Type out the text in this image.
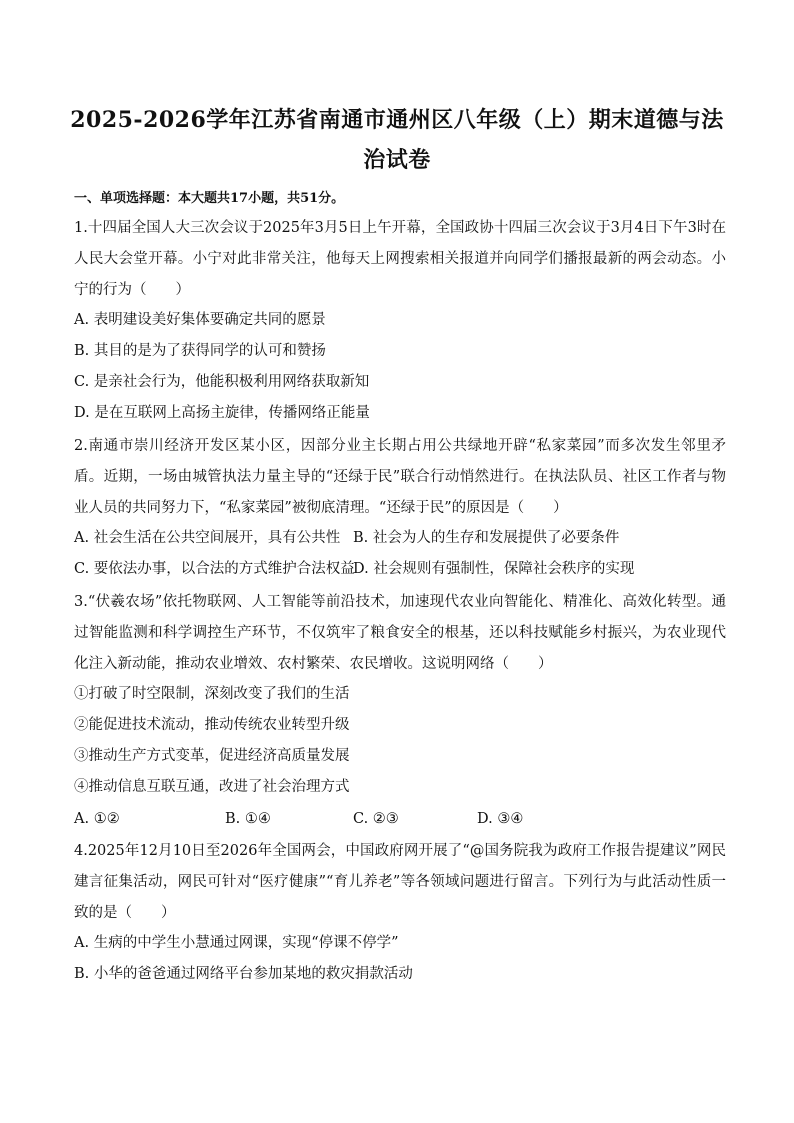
2025-2026学年江苏省南通市通州区八年级（上）期末道德与法治试卷
一、单项选择题：本大题共17小题，共51分。
1.十四届全国人大三次会议于2025年3月5日上午开幕，全国政协十四届三次会议于3月4日下午3时在人民大会堂开幕。小宁对此非常关注，他每天上网搜索相关报道并向同学们播报最新的两会动态。小宁的行为（　　）
A. 表明建设美好集体要确定共同的愿景
B. 其目的是为了获得同学的认可和赞扬
C. 是亲社会行为，他能积极利用网络获取新知
D. 是在互联网上高扬主旋律，传播网络正能量
2.南通市崇川经济开发区某小区，因部分业主长期占用公共绿地开辟“私家菜园”而多次发生邻里矛盾。近期，一场由城管执法力量主导的“还绿于民”联合行动悄然进行。在执法队员、社区工作者与物业人员的共同努力下，“私家菜园”被彻底清理。“还绿于民”的原因是（　　）
A. 社会生活在公共空间展开，具有公共性 B. 社会为人的生存和发展提供了必要条件
C. 要依法办事，以合法的方式维护合法权益
D. 社会规则有强制性，保障社会秩序的实现
3.“伏羲农场”依托物联网、人工智能等前沿技术，加速现代农业向智能化、精准化、高效化转型。通过智能监测和科学调控生产环节，不仅筑牢了粮食安全的根基，还以科技赋能乡村振兴，为农业现代化注入新动能，推动农业增效、农村繁荣、农民增收。这说明网络（　　）
①打破了时空限制，深刻改变了我们的生活
②能促进技术流动，推动传统农业转型升级
③推动生产方式变革，促进经济高质量发展
④推动信息互联互通，改进了社会治理方式
A. ①②	B. ①④	C. ②③	D. ③④
4.2025年12月10日至2026年全国两会，中国政府网开展了“@国务院我为政府工作报告提建议”网民建言征集活动，网民可针对“医疗健康”“育儿养老”等各领域问题进行留言。下列行为与此活动性质一致的是（　　）
A. 生病的中学生小慧通过网课，实现“停课不停学”
B. 小华的爸爸通过网络平台参加某地的救灾捐款活动
